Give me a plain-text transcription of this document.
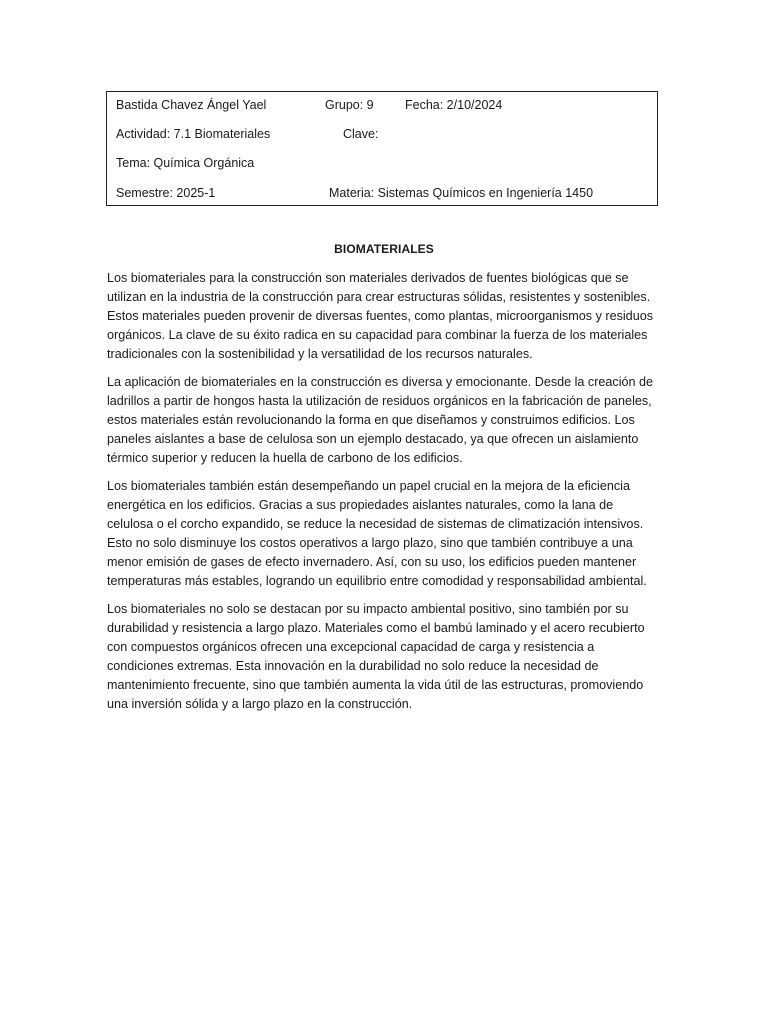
Bastida Chavez Ángel Yael	Grupo: 9	Fecha: 2/10/2024
Actividad: 7.1 Biomateriales	Clave:
Tema: Química Orgánica
Semestre: 2025-1	Materia: Sistemas Químicos en Ingeniería 1450
BIOMATERIALES

Los biomateriales para la construcción son materiales derivados de fuentes biológicas que se utilizan en la industria de la construcción para crear estructuras sólidas, resistentes y sostenibles. Estos materiales pueden provenir de diversas fuentes, como plantas, microorganismos y residuos orgánicos. La clave de su éxito radica en su capacidad para combinar la fuerza de los materiales tradicionales con la sostenibilidad y la versatilidad de los recursos naturales.

La aplicación de biomateriales en la construcción es diversa y emocionante. Desde la creación de ladrillos a partir de hongos hasta la utilización de residuos orgánicos en la fabricación de paneles, estos materiales están revolucionando la forma en que diseñamos y construimos edificios. Los paneles aislantes a base de celulosa son un ejemplo destacado, ya que ofrecen un aislamiento térmico superior y reducen la huella de carbono de los edificios.

Los biomateriales también están desempeñando un papel crucial en la mejora de la eficiencia energética en los edificios. Gracias a sus propiedades aislantes naturales, como la lana de celulosa o el corcho expandido, se reduce la necesidad de sistemas de climatización intensivos. Esto no solo disminuye los costos operativos a largo plazo, sino que también contribuye a una menor emisión de gases de efecto invernadero. Así, con su uso, los edificios pueden mantener temperaturas más estables, logrando un equilibrio entre comodidad y responsabilidad ambiental.

Los biomateriales no solo se destacan por su impacto ambiental positivo, sino también por su durabilidad y resistencia a largo plazo. Materiales como el bambú laminado y el acero recubierto con compuestos orgánicos ofrecen una excepcional capacidad de carga y resistencia a condiciones extremas. Esta innovación en la durabilidad no solo reduce la necesidad de mantenimiento frecuente, sino que también aumenta la vida útil de las estructuras, promoviendo una inversión sólida y a largo plazo en la construcción.
